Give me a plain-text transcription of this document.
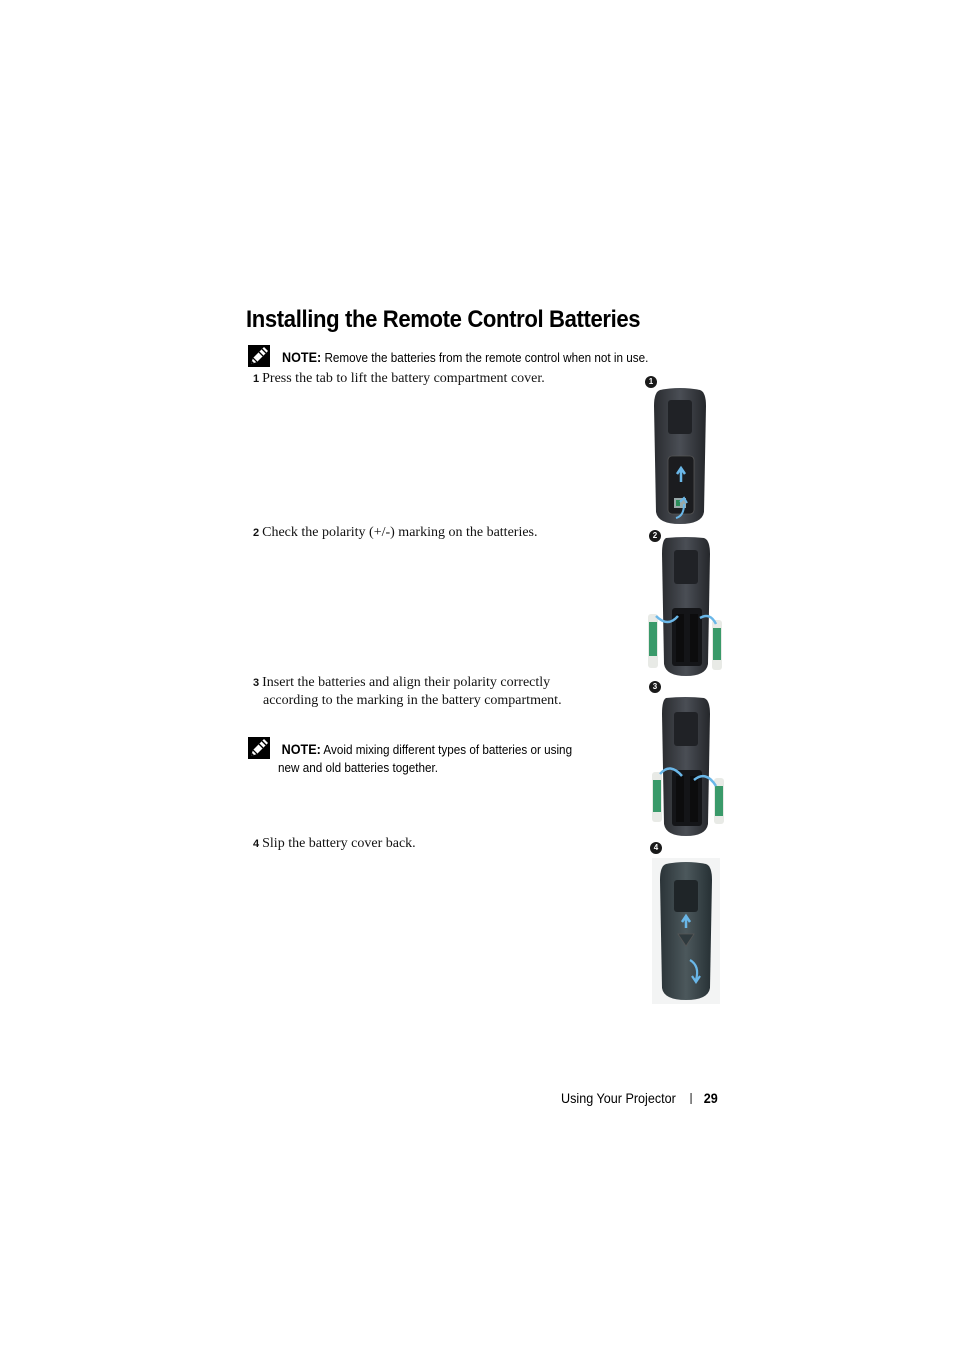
Installing the Remote Control Batteries
NOTE: Remove the batteries from the remote control when not in use.
1 Press the tab to lift the battery compartment cover.
2 Check the polarity (+/-) marking on the batteries.
3 Insert the batteries and align their polarity correctly
according to the marking in the battery compartment.
NOTE: Avoid mixing different types of batteries or using
new and old batteries together.
4 Slip the battery cover back.
1
2
3
4
Using Your Projector 29
